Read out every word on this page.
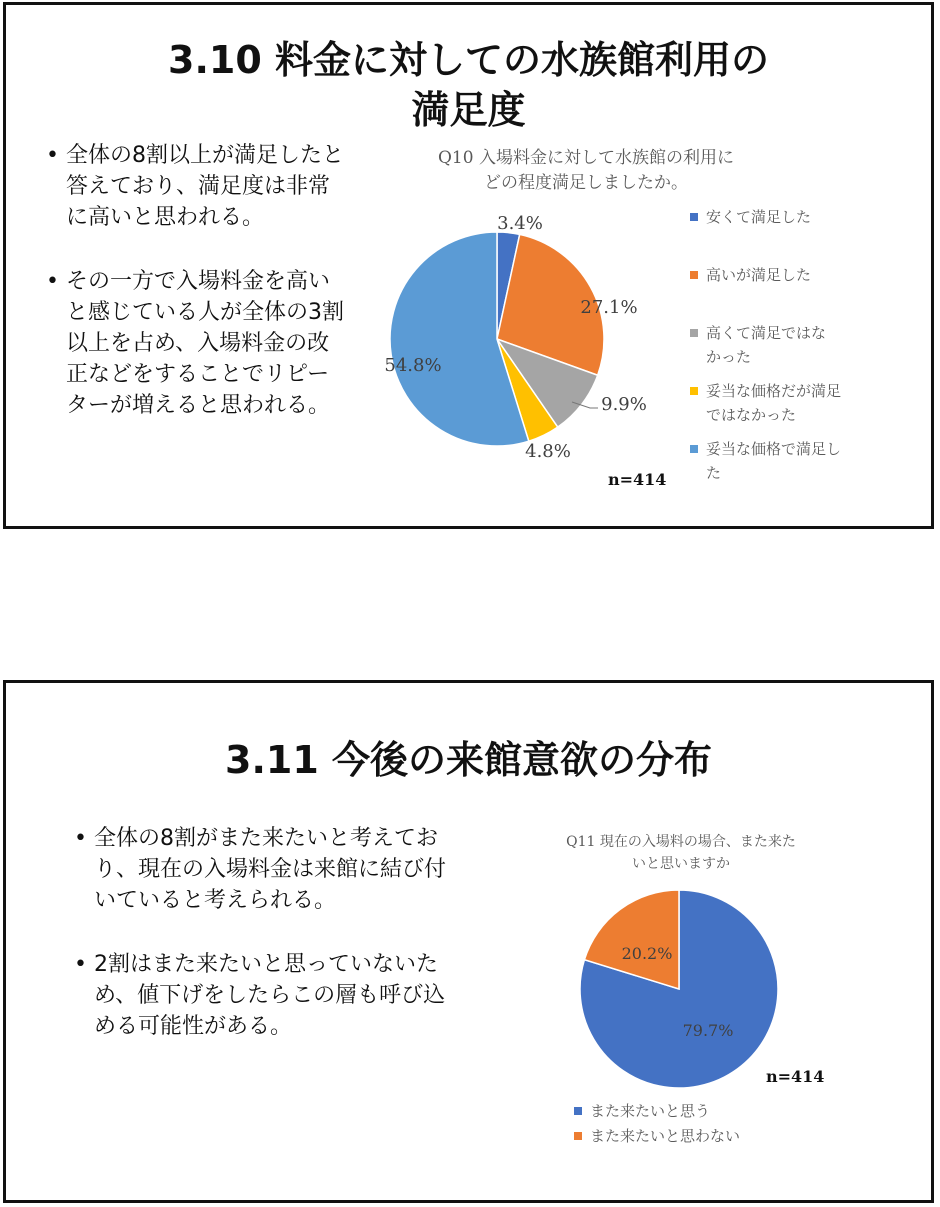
3.10 料金に対しての水族館利用の
満足度
• 全体の8割以上が満足したと答えており、満足度は非常に高いと思われる。
• その一方で入場料金を高いと感じている人が全体の3割以上を占め、入場料金の改正などをすることでリピーターが増えると思われる。
Q10 入場料金に対して水族館の利用に
どの程度満足しましたか。
3.4%
27.1%
9.9%
4.8%
54.8%
安くて満足した
高いが満足した
高くて満足ではな
かった
妥当な価格だが満足
ではなかった
妥当な価格で満足し
た
n=414
3.11 今後の来館意欲の分布
• 全体の8割がまた来たいと考えており、現在の入場料金は来館に結び付いていると考えられる。
• 2割はまた来たいと思っていないため、値下げをしたらこの層も呼び込める可能性がある。
Q11 現在の入場料の場合、また来た
いと思いますか
79.7%
20.2%
また来たいと思う
また来たいと思わない
n=414
